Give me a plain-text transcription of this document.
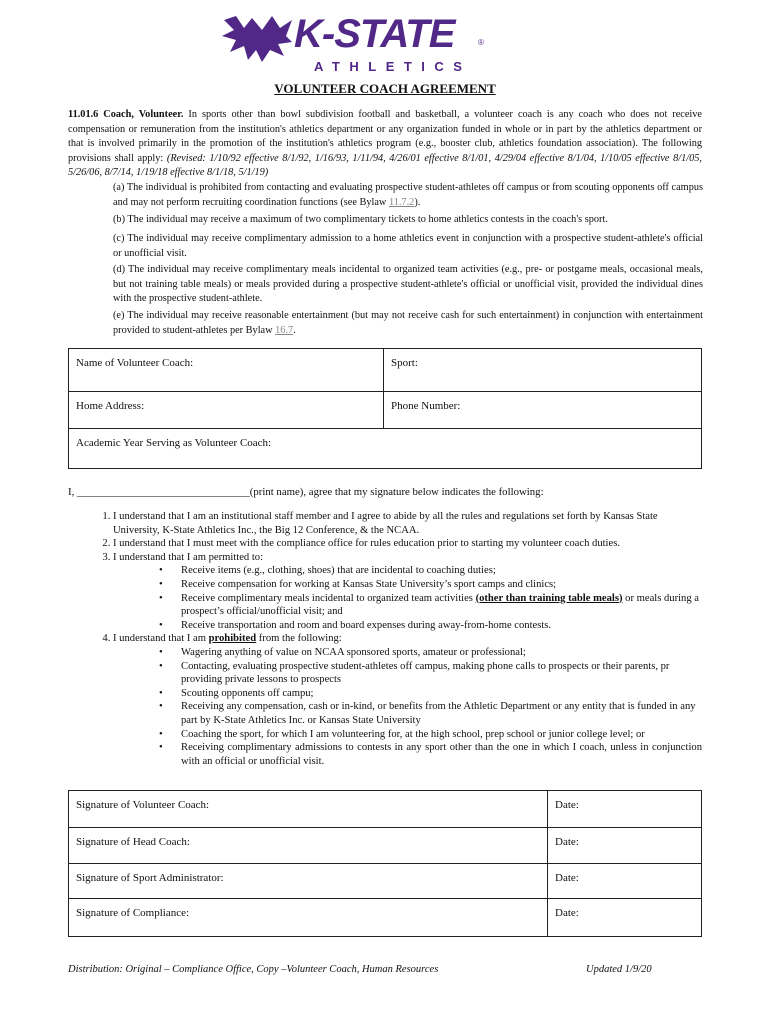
K-STATE	®
ATHLETICS
VOLUNTEER COACH AGREEMENT

11.01.6 Coach, Volunteer. In sports other than bowl subdivision football and basketball, a volunteer coach is any coach who does not receive compensation or remuneration from the institution's athletics department or any organization funded in whole or in part by the athletics department or that is involved primarily in the promotion of the institution's athletics program (e.g., booster club, athletics foundation association). The following provisions shall apply: (Revised: 1/10/92 effective 8/1/92, 1/16/93, 1/11/94, 4/26/01 effective 8/1/01, 4/29/04 effective 8/1/04, 1/10/05 effective 8/1/05, 5/26/06, 8/7/14, 1/19/18 effective 8/1/18, 5/1/19)

(a) The individual is prohibited from contacting and evaluating prospective student-athletes off campus or from scouting opponents off campus and may not perform recruiting coordination functions (see Bylaw 11.7.2).

(b) The individual may receive a maximum of two complimentary tickets to home athletics contests in the coach's sport.

(c) The individual may receive complimentary admission to a home athletics event in conjunction with a prospective student-athlete's official or unofficial visit.

(d) The individual may receive complimentary meals incidental to organized team activities (e.g., pre- or postgame meals, occasional meals, but not training table meals) or meals provided during a prospective student-athlete's official or unofficial visit, provided the individual dines with the prospective student-athlete.

(e) The individual may receive reasonable entertainment (but may not receive cash for such entertainment) in conjunction with entertainment provided to student-athletes per Bylaw 16.7.

Name of Volunteer Coach:	Sport:
Home Address:	Phone Number:
Academic Year Serving as Volunteer Coach:	
I, ________________________________(print name), agree that my signature below indicates the following:
1. I understand that I am an institutional staff member and I agree to abide by all the rules and regulations set forth by Kansas State University, K-State Athletics Inc., the Big 12 Conference, & the NCAA.
2. I understand that I must meet with the compliance office for rules education prior to starting my volunteer coach duties.
3. I understand that I am permitted to:
• Receive items (e.g., clothing, shoes) that are incidental to coaching duties;
• Receive compensation for working at Kansas State University’s sport camps and clinics;
• Receive complimentary meals incidental to organized team activities (other than training table meals) or meals during a prospect’s official/unofficial visit; and
• Receive transportation and room and board expenses during away-from-home contests.
4. I understand that I am prohibited from the following:
• Wagering anything of value on NCAA sponsored sports, amateur or professional;
• Contacting, evaluating prospective student-athletes off campus, making phone calls to prospects or their parents, pr providing private lessons to prospects
• Scouting opponents off campu;
• Receiving any compensation, cash or in-kind, or benefits from the Athletic Department or any entity that is funded in any part by K-State Athletics Inc. or Kansas State University
• Coaching the sport, for which I am volunteering for, at the high school, prep school or junior college level; or
• Receiving complimentary admissions to contests in any sport other than the one in which I coach, unless in conjunction with an official or unofficial visit.
Signature of Volunteer Coach:	Date:
Signature of Head Coach:	Date:
Signature of Sport Administrator:	Date:
Signature of Compliance:	Date:
Distribution: Original – Compliance Office, Copy –Volunteer Coach, Human Resources	Updated 1/9/20
